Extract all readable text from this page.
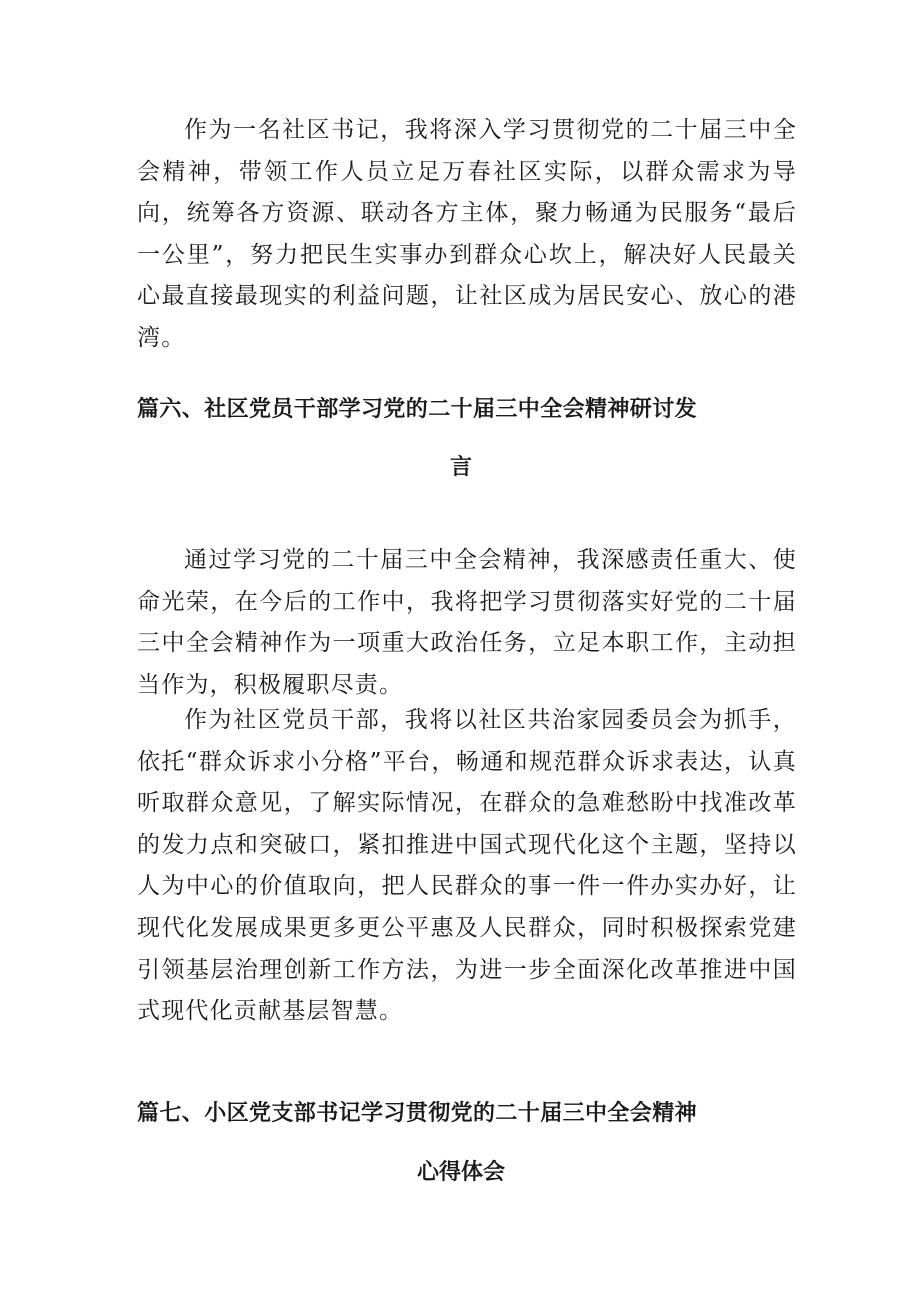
作为一名社区书记，我将深入学习贯彻党的二十届三中全会精神，带领工作人员立足万春社区实际，以群众需求为导向，统筹各方资源、联动各方主体，聚力畅通为民服务“最后一公里”，努力把民生实事办到群众心坎上，解决好人民最关心最直接最现实的利益问题，让社区成为居民安心、放心的港湾。

篇六、社区党员干部学习党的二十届三中全会精神研讨发
言

通过学习党的二十届三中全会精神，我深感责任重大、使命光荣，在今后的工作中，我将把学习贯彻落实好党的二十届三中全会精神作为一项重大政治任务，立足本职工作，主动担当作为，积极履职尽责。

作为社区党员干部，我将以社区共治家园委员会为抓手，依托“群众诉求小分格”平台，畅通和规范群众诉求表达，认真听取群众意见，了解实际情况，在群众的急难愁盼中找准改革的发力点和突破口，紧扣推进中国式现代化这个主题，坚持以人为中心的价值取向，把人民群众的事一件一件办实办好，让现代化发展成果更多更公平惠及人民群众，同时积极探索党建引领基层治理创新工作方法，为进一步全面深化改革推进中国式现代化贡献基层智慧。

篇七、小区党支部书记学习贯彻党的二十届三中全会精神
心得体会
